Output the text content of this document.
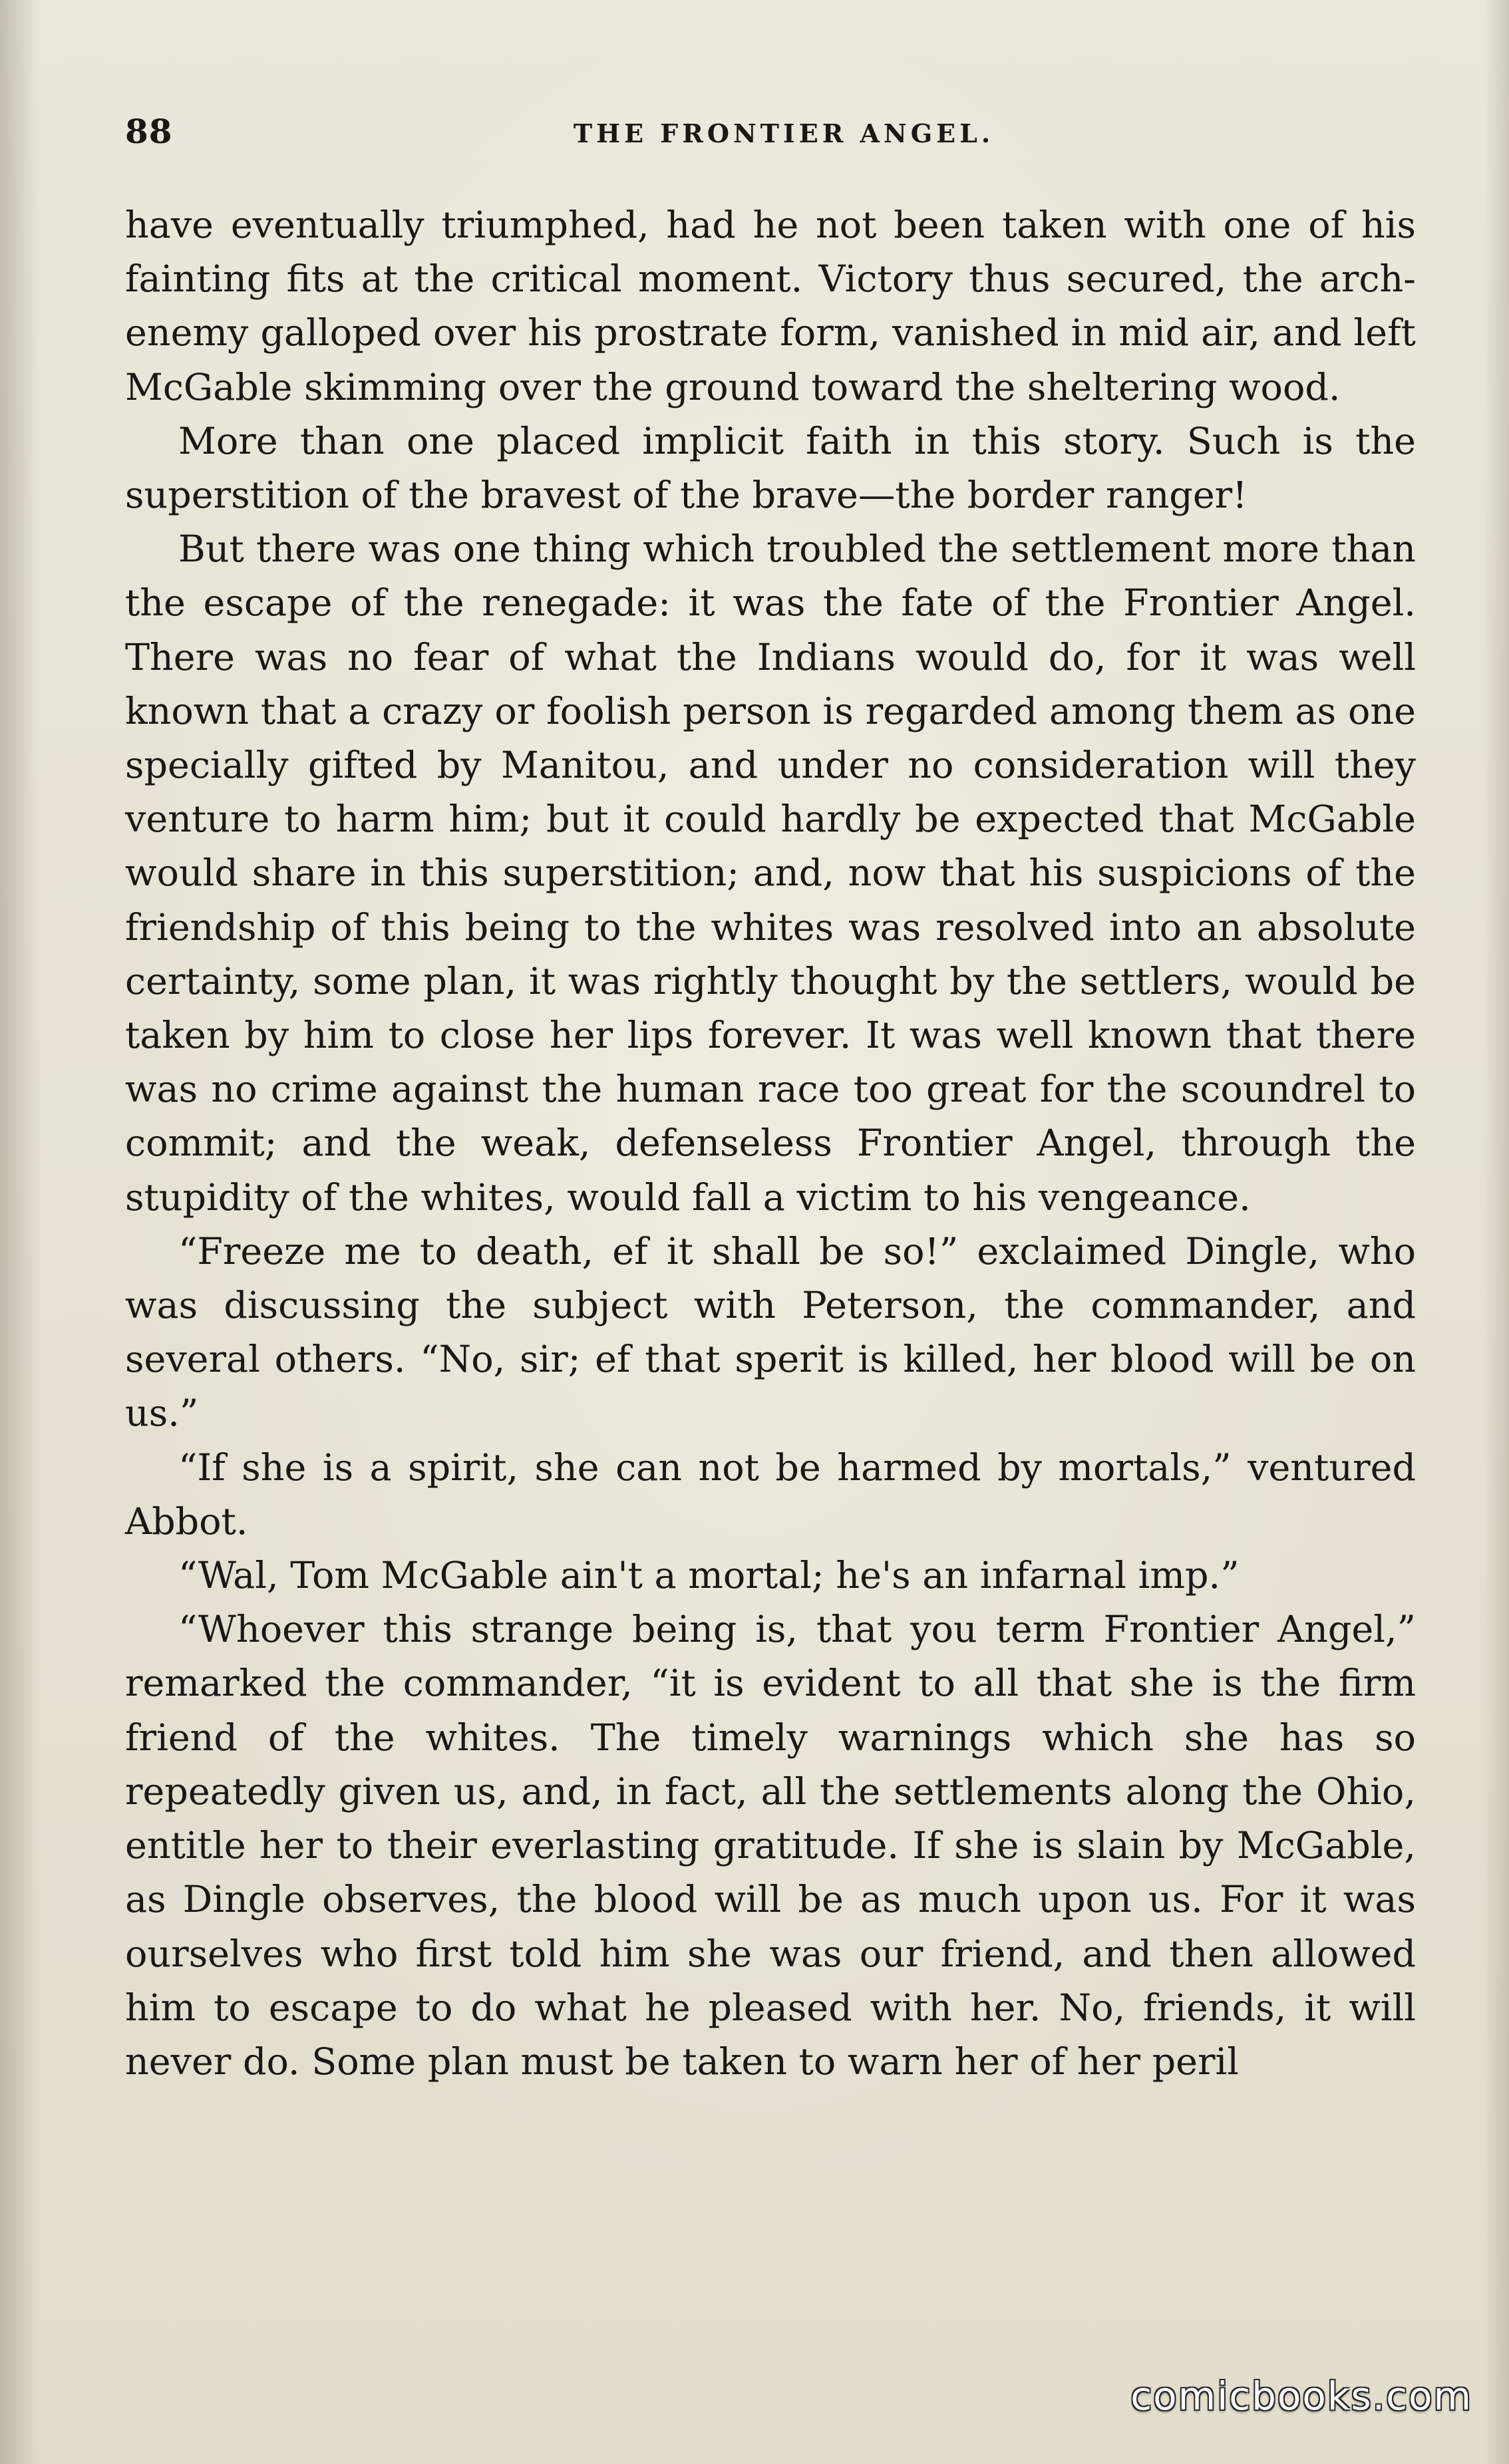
88	THE FRONTIER ANGEL.

have eventually triumphed, had he not been taken with one of his fainting fits at the critical moment. Victory thus secured, the arch-enemy galloped over his prostrate form, vanished in mid air, and left McGable skimming over the ground toward the sheltering wood.

More than one placed implicit faith in this story. Such is the superstition of the bravest of the brave—the border ranger!

But there was one thing which troubled the settlement more than the escape of the renegade: it was the fate of the Frontier Angel. There was no fear of what the Indians would do, for it was well known that a crazy or foolish person is regarded among them as one specially gifted by Manitou, and under no consideration will they venture to harm him; but it could hardly be expected that McGable would share in this superstition; and, now that his suspicions of the friendship of this being to the whites was resolved into an absolute certainty, some plan, it was rightly thought by the settlers, would be taken by him to close her lips forever. It was well known that there was no crime against the human race too great for the scoundrel to commit; and the weak, defenseless Frontier Angel, through the stupidity of the whites, would fall a victim to his vengeance.

“Freeze me to death, ef it shall be so!” exclaimed Dingle, who was discussing the subject with Peterson, the commander, and several others. “No, sir; ef that sperit is killed, her blood will be on us.”

“If she is a spirit, she can not be harmed by mortals,” ventured Abbot.

“Wal, Tom McGable ain't a mortal; he's an infarnal imp.”

“Whoever this strange being is, that you term Frontier Angel,” remarked the commander, “it is evident to all that she is the firm friend of the whites. The timely warnings which she has so repeatedly given us, and, in fact, all the settlements along the Ohio, entitle her to their everlasting gratitude. If she is slain by McGable, as Dingle observes, the blood will be as much upon us. For it was ourselves who first told him she was our friend, and then allowed him to escape to do what he pleased with her. No, friends, it will never do. Some plan must be taken to warn her of her peril

comicbooks.com
